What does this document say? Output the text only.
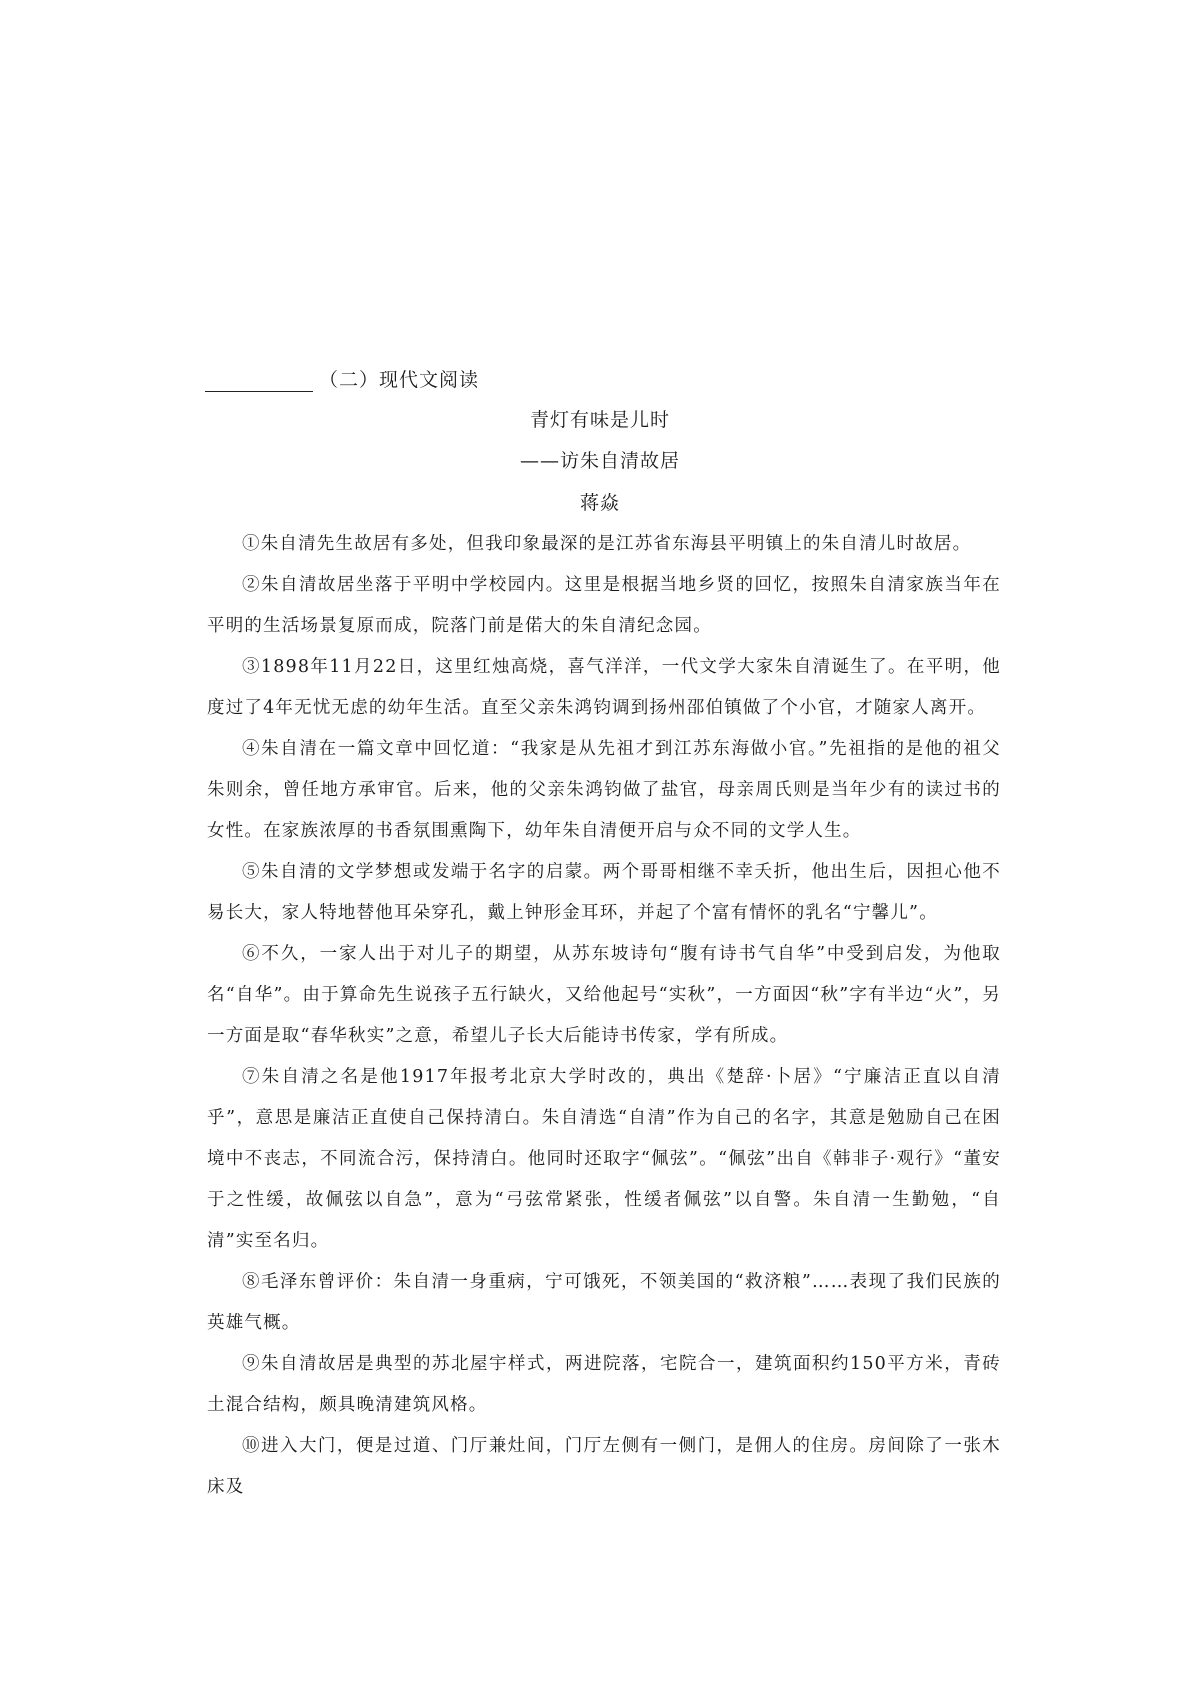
（二）现代文阅读
青灯有味是儿时
——访朱自清故居
蒋焱

①朱自清先生故居有多处，但我印象最深的是江苏省东海县平明镇上的朱自清儿时故居。

②朱自清故居坐落于平明中学校园内。这里是根据当地乡贤的回忆，按照朱自清家族当年在平明的生活场景复原而成，院落门前是偌大的朱自清纪念园。

③1898年11月22日，这里红烛高烧，喜气洋洋，一代文学大家朱自清诞生了。在平明，他度过了4年无忧无虑的幼年生活。直至父亲朱鸿钧调到扬州邵伯镇做了个小官，才随家人离开。

④朱自清在一篇文章中回忆道：“我家是从先祖才到江苏东海做小官。”先祖指的是他的祖父朱则余，曾任地方承审官。后来，他的父亲朱鸿钧做了盐官，母亲周氏则是当年少有的读过书的女性。在家族浓厚的书香氛围熏陶下，幼年朱自清便开启与众不同的文学人生。

⑤朱自清的文学梦想或发端于名字的启蒙。两个哥哥相继不幸夭折，他出生后，因担心他不易长大，家人特地替他耳朵穿孔，戴上钟形金耳环，并起了个富有情怀的乳名“宁馨儿”。

⑥不久，一家人出于对儿子的期望，从苏东坡诗句“腹有诗书气自华”中受到启发，为他取名“自华”。由于算命先生说孩子五行缺火，又给他起号“实秋”，一方面因“秋”字有半边“火”，另一方面是取“春华秋实”之意，希望儿子长大后能诗书传家，学有所成。

⑦朱自清之名是他1917年报考北京大学时改的，典出《楚辞·卜居》“宁廉洁正直以自清乎”，意思是廉洁正直使自己保持清白。朱自清选“自清”作为自己的名字，其意是勉励自己在困境中不丧志，不同流合污，保持清白。他同时还取字“佩弦”。“佩弦”出自《韩非子·观行》“董安于之性缓，故佩弦以自急”，意为“弓弦常紧张，性缓者佩弦”以自警。朱自清一生勤勉，“自清”实至名归。

⑧毛泽东曾评价：朱自清一身重病，宁可饿死，不领美国的“救济粮”……表现了我们民族的英雄气概。

⑨朱自清故居是典型的苏北屋宇样式，两进院落，宅院合一，建筑面积约150平方米，青砖土混合结构，颇具晚清建筑风格。

⑩进入大门，便是过道、门厅兼灶间，门厅左侧有一侧门，是佣人的住房。房间除了一张木床及
